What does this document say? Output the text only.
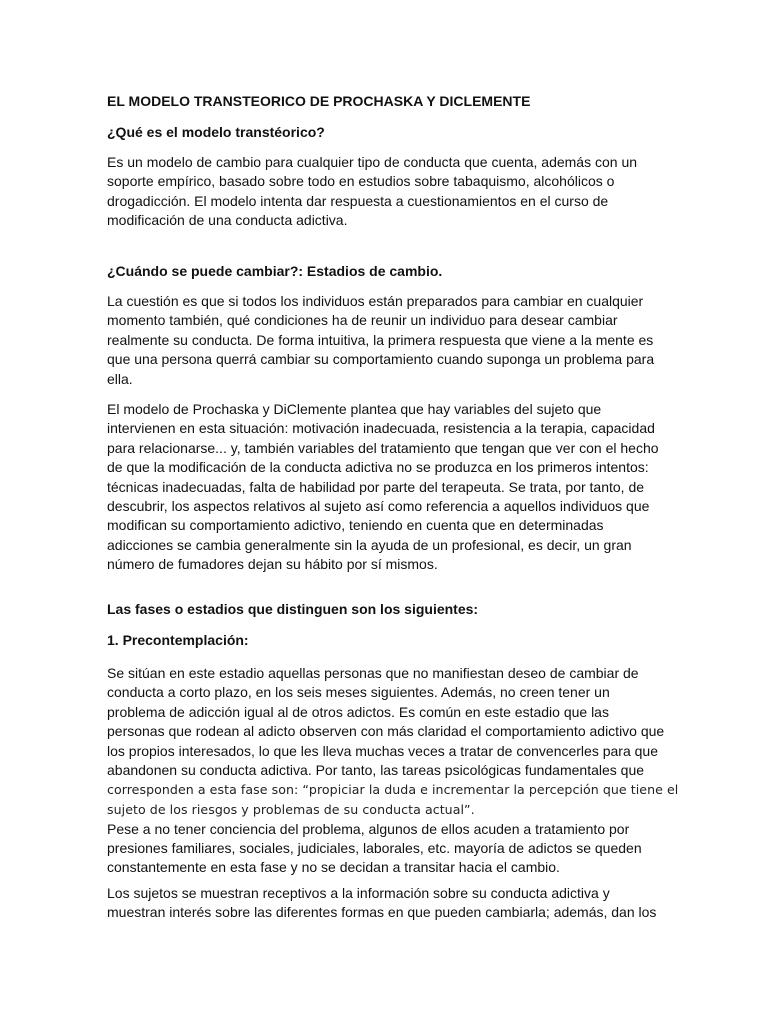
EL MODELO TRANSTEORICO DE PROCHASKA Y DICLEMENTE
¿Qué es el modelo transtéorico?
Es un modelo de cambio para cualquier tipo de conducta que cuenta, además con un
soporte empírico, basado sobre todo en estudios sobre tabaquismo, alcohólicos o
drogadicción. El modelo intenta dar respuesta a cuestionamientos en el curso de
modificación de una conducta adictiva.
¿Cuándo se puede cambiar?: Estadios de cambio.
La cuestión es que si todos los individuos están preparados para cambiar en cualquier
momento también, qué condiciones ha de reunir un individuo para desear cambiar
realmente su conducta. De forma intuitiva, la primera respuesta que viene a la mente es
que una persona querrá cambiar su comportamiento cuando suponga un problema para
ella.
El modelo de Prochaska y DiClemente plantea que hay variables del sujeto que
intervienen en esta situación: motivación inadecuada, resistencia a la terapia, capacidad
para relacionarse... y, también variables del tratamiento que tengan que ver con el hecho
de que la modificación de la conducta adictiva no se produzca en los primeros intentos:
técnicas inadecuadas, falta de habilidad por parte del terapeuta. Se trata, por tanto, de
descubrir, los aspectos relativos al sujeto así como referencia a aquellos individuos que
modifican su comportamiento adictivo, teniendo en cuenta que en determinadas
adicciones se cambia generalmente sin la ayuda de un profesional, es decir, un gran
número de fumadores dejan su hábito por sí mismos.
Las fases o estadios que distinguen son los siguientes:
1. Precontemplación:
Se sitúan en este estadio aquellas personas que no manifiestan deseo de cambiar de
conducta a corto plazo, en los seis meses siguientes. Además, no creen tener un
problema de adicción igual al de otros adictos. Es común en este estadio que las
personas que rodean al adicto observen con más claridad el comportamiento adictivo que
los propios interesados, lo que les lleva muchas veces a tratar de convencerles para que
abandonen su conducta adictiva. Por tanto, las tareas psicológicas fundamentales que
corresponden a esta fase son: “propiciar la duda e incrementar la percepción que tiene el
sujeto de los riesgos y problemas de su conducta actual”.
Pese a no tener conciencia del problema, algunos de ellos acuden a tratamiento por
presiones familiares, sociales, judiciales, laborales, etc. mayoría de adictos se queden
constantemente en esta fase y no se decidan a transitar hacia el cambio.
Los sujetos se muestran receptivos a la información sobre su conducta adictiva y
muestran interés sobre las diferentes formas en que pueden cambiarla; además, dan los
